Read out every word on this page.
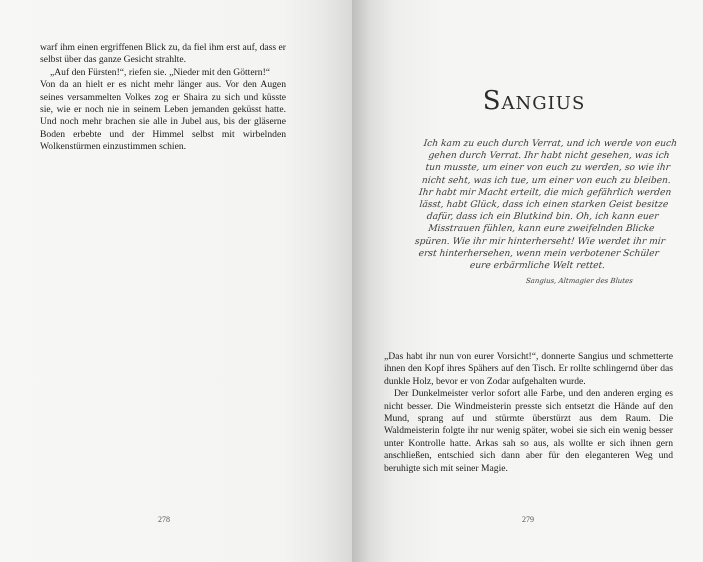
warf ihm einen ergriffenen Blick zu, da fiel ihm erst auf, dass er selbst über das ganze Gesicht strahlte.

„Auf den Fürsten!“, riefen sie. „Nieder mit den Göttern!“

Von da an hielt er es nicht mehr länger aus. Vor den Augen seines versammelten Volkes zog er Shaira zu sich und küsste sie, wie er noch nie in seinem Leben jemanden geküsst hatte. Und noch mehr brachen sie alle in Jubel aus, bis der gläserne Boden erbebte und der Himmel selbst mit wirbelnden Wolkenstürmen einzustimmen schien.

278
Sangius
Ich kam zu euch durch Verrat, und ich werde von euch gehen durch Verrat. Ihr habt nicht gesehen, was ich tun musste, um einer von euch zu werden, so wie ihr nicht seht, was ich tue, um einer von euch zu bleiben. Ihr habt mir Macht erteilt, die mich gefährlich werden lässt, habt Glück, dass ich einen starken Geist besitze dafür, dass ich ein Blutkind bin. Oh, ich kann euer Misstrauen fühlen, kann eure zweifelnden Blicke spüren. Wie ihr mir hinterherseht! Wie werdet ihr mir erst hinterhersehen, wenn mein verbotener Schüler eure erbärmliche Welt rettet.
Sangius, Altmagier des Blutes

„Das habt ihr nun von eurer Vorsicht!“, donnerte Sangius und schmetterte ihnen den Kopf ihres Spähers auf den Tisch. Er rollte schlingernd über das dunkle Holz, bevor er von Zodar aufgehalten wurde.

Der Dunkelmeister verlor sofort alle Farbe, und den anderen erging es nicht besser. Die Windmeisterin presste sich entsetzt die Hände auf den Mund, sprang auf und stürmte überstürzt aus dem Raum. Die Waldmeisterin folgte ihr nur wenig später, wobei sie sich ein wenig besser unter Kontrolle hatte. Arkas sah so aus, als wollte er sich ihnen gern anschließen, entschied sich dann aber für den eleganteren Weg und beruhigte sich mit seiner Magie.

279
